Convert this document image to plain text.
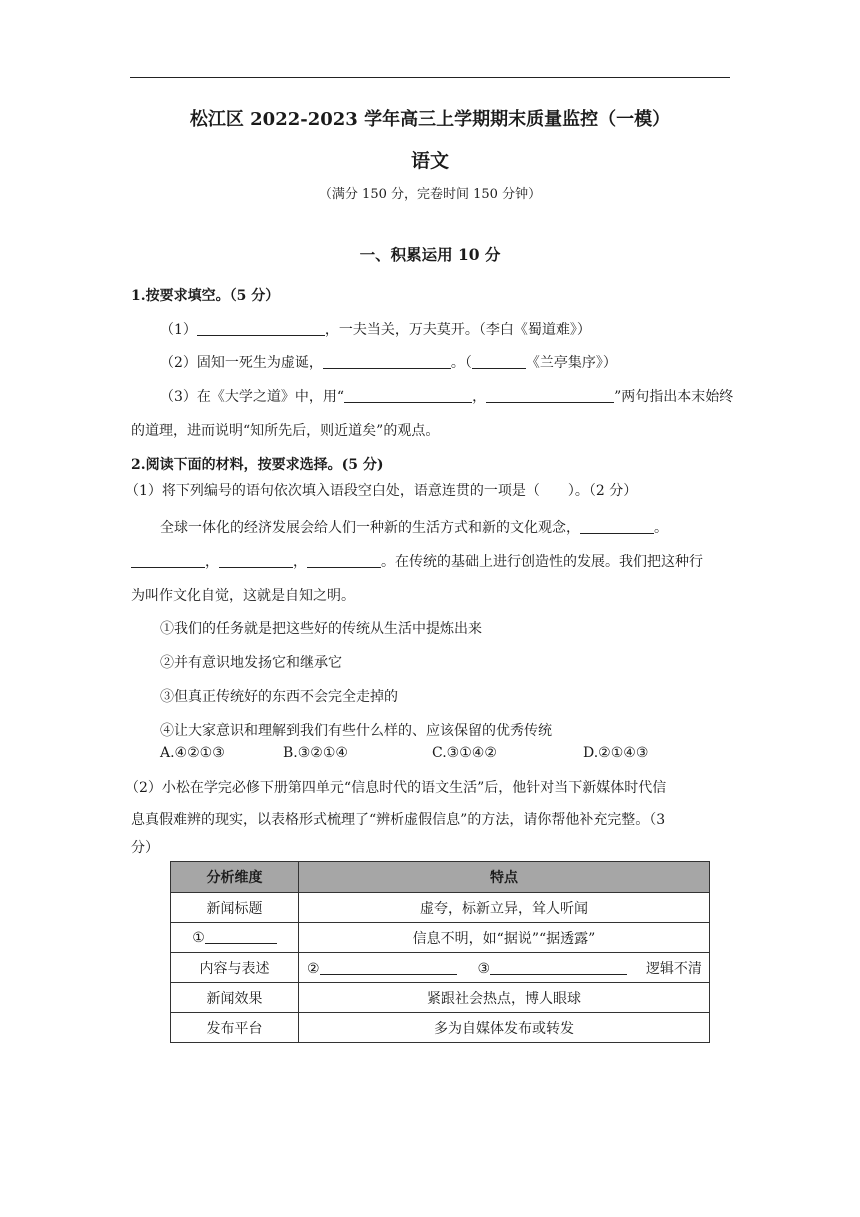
松江区 2022-2023 学年高三上学期期末质量监控（一模）
语文
（满分 150 分，完卷时间 150 分钟）
一、积累运用 10 分
1.按要求填空。（5 分）
（1）	，一夫当关，万夫莫开。（李白《蜀道难》）
（2）固知一死生为虚诞，	。（	《兰亭集序》）
（3）在《大学之道》中，用“	，	”两句指出本末始终
的道理，进而说明“知所先后，则近道矣”的观点。
2.阅读下面的材料，按要求选择。(5 分)
（1）将下列编号的语句依次填入语段空白处，语意连贯的一项是（　　）。（2 分）
全球一体化的经济发展会给人们一种新的生活方式和新的文化观念，	。
，	，	。在传统的基础上进行创造性的发展。我们把这种行
为叫作文化自觉，这就是自知之明。
①我们的任务就是把这些好的传统从生活中提炼出来
②并有意识地发扬它和继承它
③但真正传统好的东西不会完全走掉的
④让大家意识和理解到我们有些什么样的、应该保留的优秀传统
A.④②①③	B.③②①④	C.③①④②	D.②①④③
（2）小松在学完必修下册第四单元“信息时代的语文生活”后，他针对当下新媒体时代信
息真假难辨的现实，以表格形式梳理了“辨析虚假信息”的方法，请你帮他补充完整。（3
分）
分析维度	特点
新闻标题	虚夸，标新立异，耸人听闻
①	信息不明，如“据说”“据透露”
内容与表述	② ③ 逻辑不清
新闻效果	紧跟社会热点，博人眼球
发布平台	多为自媒体发布或转发
